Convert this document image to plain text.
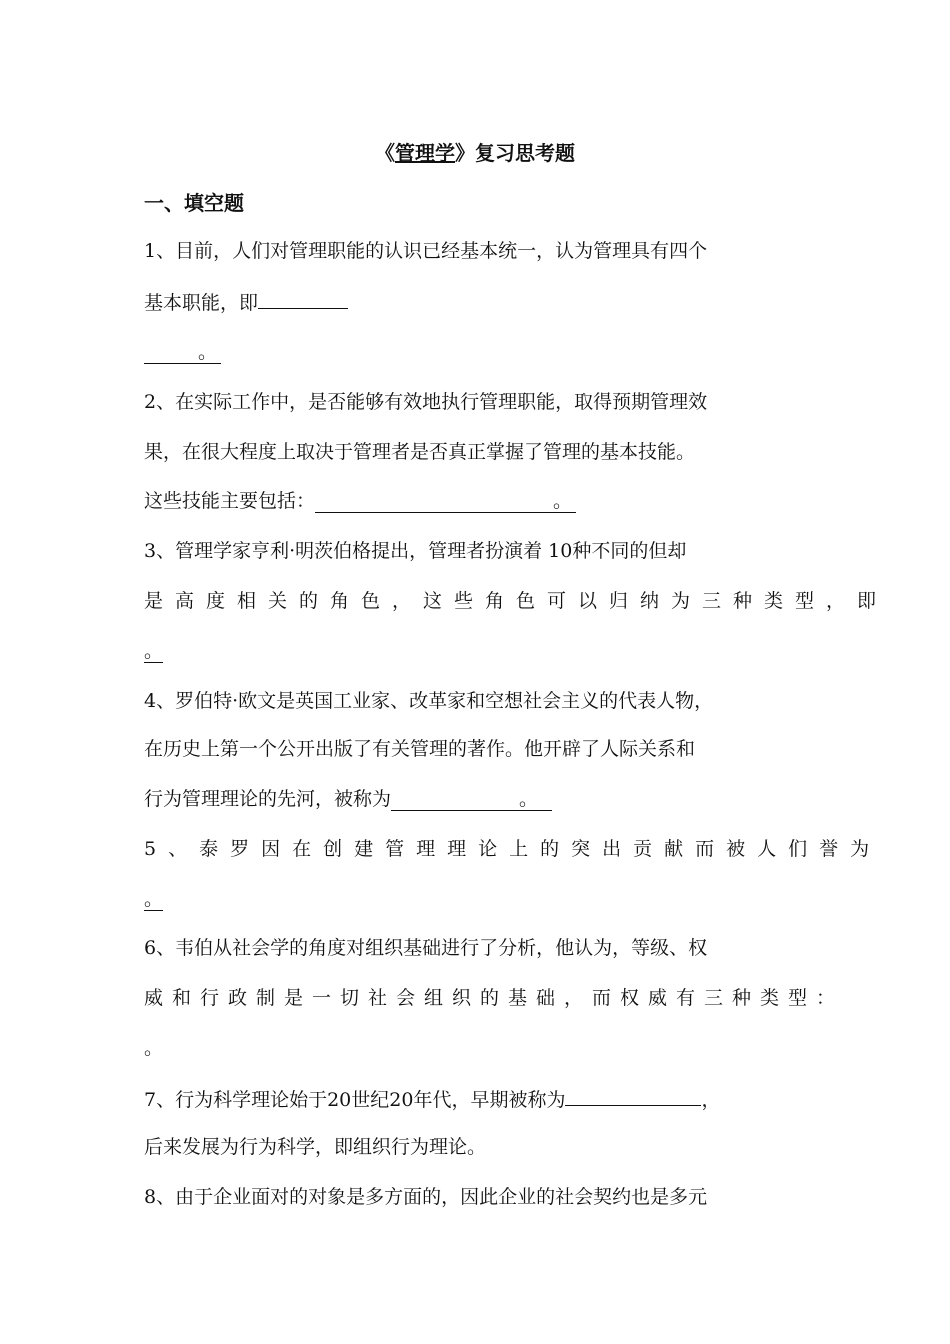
《管理学》复习思考题
一、填空题
1、目前，人们对管理职能的认识已经基本统一，认为管理具有四个
基本职能，即
。
2、在实际工作中，是否能够有效地执行管理职能，取得预期管理效
果，在很大程度上取决于管理者是否真正掌握了管理的基本技能。
这些技能主要包括：	。
3、管理学家亨利·明茨伯格提出，管理者扮演着 10种不同的但却
是高度相关的角色，这些角色可以归纳为三种类型，即
。
4、罗伯特·欧文是英国工业家、改革家和空想社会主义的代表人物，
在历史上第一个公开出版了有关管理的著作。他开辟了人际关系和
行为管理理论的先河，被称为	。
5、泰罗因在创建管理理论上的突出贡献而被人们誉为
。
6、韦伯从社会学的角度对组织基础进行了分析，他认为，等级、权
威和行政制是一切社会组织的基础，而权威有三种类型：
。
7、行为科学理论始于20世纪20年代，早期被称为	，
后来发展为行为科学，即组织行为理论。
8、由于企业面对的对象是多方面的，因此企业的社会契约也是多元
